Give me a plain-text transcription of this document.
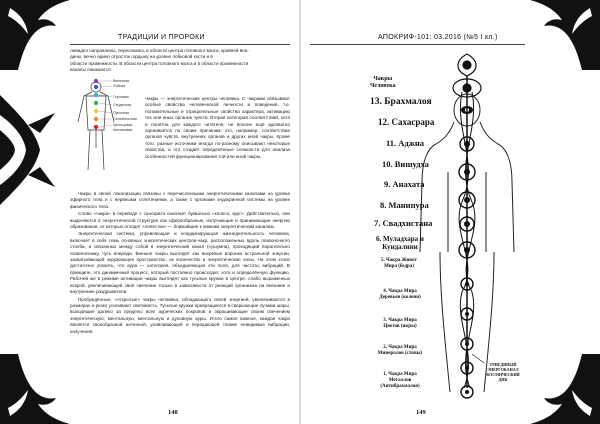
ТРАДИЦИИ И ПРОРОКИ
левидно направлены, пересекаясь в области центра головного мозга, крайней впа-
дины, вечно едино отросток гордыну на уровне лобковой кости и в
области промежности. В области центра головного мозга и в области промежности
каналы смыкаются.
Венечная
Лобная
Горловая
Сердечная
Пупочная
Селезёночная
Крестцовая
Копчиковая

Чакры — энергетические центры человека. С чакрами связывают особые свойства человеческой личности и поведения, т.е. положительные и отрицательные свойства характера, активацию тех или иных органов чувств. Вторая категория соответствий, хотя и понятна для каждого читателя, не вполне ещё адекватно оценивается по своим причинам: это, например, соответствие органов чувств, внутренних органов и других иной чакры. Кроме того, разные источники иногда по-разному описывают некоторые свойства, и это создаёт определённые сложности для анализа особенностей функционирования той или иной чакры.

Чакры в своей локализации связаны с перечисленными энергетическими каналами на уровне эфирного тела и с нервными сплетениями, а также с органами эндокринной системы на уровне физического тела.

Слово «чакра» в переводе с санскрита означает буквально «колесо, круг». Действительно, они выделяются в энергетической структуре как сферообразные, излучающие и принимающие энергию образования, от которых отходят «лепестки» — ближайшие к нижним энергетическим каналам.

Энергетическая система, управляющая и координирующая жизнедеятельность человека, включает в себя семь основных энергетических центров-чакр, расположенных вдоль позвоночного столба, и связанных между собой в энергетический канал (сушумна), проходящий параллельно позвоночнику, чуть впереди. Внешне чакры выглядят как вихревые воронки астральной энергии, захватывающей окружающее пространство, их количество и энергетические силы. На этом этапе достаточно усвоить, что аура — категория, объединяющая эти поля, для частоты вибраций. В принципе, это динамичный процесс, который постоянно происходит, хотя и определённую функцию. Рабочей же в режиме активации чакры выглядят как тусклые кружки в центре, слабо выраженных искрой, увеличивающей своё свечение только в зависимости от реакций организма на внешние и внутренние раздражители.

Пробуждённые, «открытые» чакры человека, обладающего своей энергией, увеличиваются в размерах и резко усиливают светимость. Тусклые кружки превращаются в сверкающие лучами шары, выходящие далеко за пределы всех аурических покровов и окрашивающие своим свечением энергетическую, ментальную, ментальную и духовную ауры. Итого самое важное, каждая чакра является своеобразной антенной, улавливающей и передающей тонкие невидимые вибрации, излучения.

148
АПОКРИФ-101: 03.2016 (№5 I кл.)
Чакры
Человека
13. Брахмалоя
12. Сахасрара
11. Аджна
10. Вишудха
9. Анахата
8. Манипура
7. Свадхистана
6. Муладхара и Кундалини
5. Чакра Живот
Мира (бедра)
4. Чакра Мира
Деревьев (колени)
3. Чакра Мира
Цветов (икры)
2. Чакра Мира
Минералов (стопы)
1. Чакра Мира
Металлов
(Антибрахмалоя)
ТРИЕДИНЫЙ
ЭНЕРГОКАНАЛ
КОСМИЧЕСКИЙ
ДНК
149
